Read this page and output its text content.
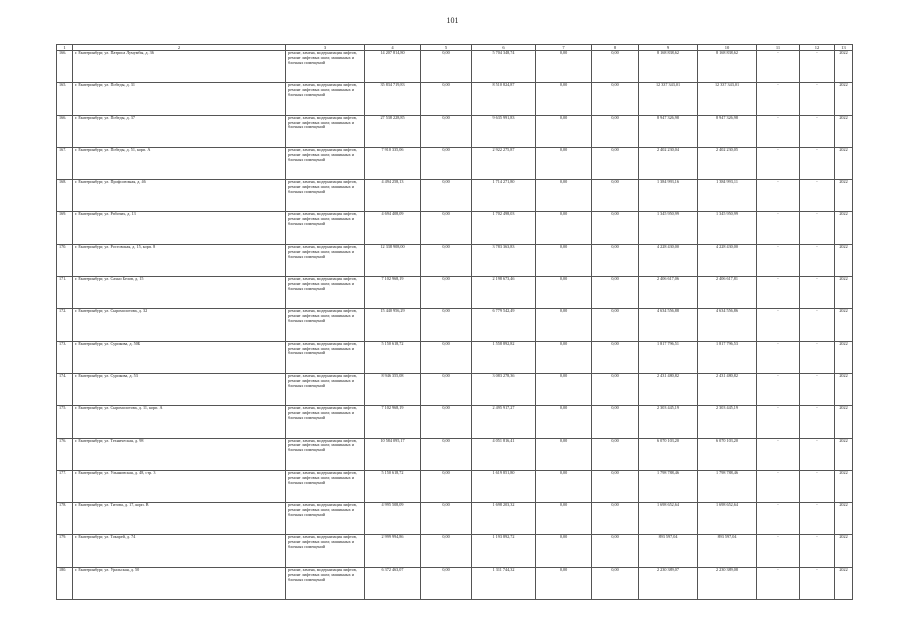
101
1	2	3	4	5	6	7	8	9	10	11	12	13
166.	г. Екатеринбург, ул. Патриса Лумумбы, д. 36	ремонт, замена, модернизация лифтов, ремонт лифтовых шахт, машинных и блочных помещений	14 207 814,80	0,00	5 704 348,74	0,00	0,00	8 168 838,62	8 168 838,62	-	-	2022
165.	г. Екатеринбург, ул. Победы, д. 31	ремонт, замена, модернизация лифтов, ремонт лифтовых шахт, машинных и блочных помещений	35 834 719,83	0,00	8 510 824,87	0,00	0,00	12 337 343,01	12 337 343,01	-	-	2022
166.	г. Екатеринбург, ул. Победы, д. 37	ремонт, замена, модернизация лифтов, ремонт лифтовых шахт, машинных и блочных помещений	27 538 228,85	0,00	9 635 991,83	0,00	0,00	8 947 326,98	8 947 326,98	-	-	2022
167.	г. Екатеринбург, ул. Победы, д. 51, корп. А	ремонт, замена, модернизация лифтов, ремонт лифтовых шахт, машинных и блочных помещений	7 910 335,06	0,00	2 922 275,87	0,00	0,00	2 402 230,04	2 402 230,05	-	-	2022
168.	г. Екатеринбург, ул. Профсоюзная, д. 46	ремонт, замена, модернизация лифтов, ремонт лифтовых шахт, машинных и блочных помещений	4 494 258,13	0,00	1 714 271,80	0,00	0,00	1 384 993,16	1 384 993,11	-	-	2022
169.	г. Екатеринбург, ул. Рабочих, д. 13	ремонт, замена, модернизация лифтов, ремонт лифтовых шахт, машинных и блочных помещений	4 694 408,09	0,00	1 702 498,03	0,00	0,00	1 345 950,99	1 345 950,99	-	-	2022
170.	г. Екатеринбург, ул. Ростовская, д. 15, корп. 8	ремонт, замена, модернизация лифтов, ремонт лифтовых шахт, машинных и блочных помещений	12 338 908,00	0,00	3 783 363,83	0,00	0,00	4 228 430,00	4 228 430,00	-	-	2022
171.	г. Екатеринбург, ул. Сахно Белов, д. 15	ремонт, замена, модернизация лифтов, ремонт лифтовых шахт, машинных и блочных помещений	7 102 968,19	0,00	2 198 673,46	0,00	0,00	2 406 617,06	2 406 617,81	-	-	2022
172.	г. Екатеринбург, ул. Сыромолотова, д. 32	ремонт, замена, модернизация лифтов, ремонт лифтовых шахт, машинных и блочных помещений	15 440 956,29	0,00	6 779 542,49	0,00	0,00	4 634 556,88	4 634 556,86	-	-	2022
173.	г. Екатеринбург, ул. Сурикова, д. 50Б	ремонт, замена, модернизация лифтов, ремонт лифтовых шахт, машинных и блочных помещений	5 150 618,72	0,00	1 558 892,82	0,00	0,00	1 817 796,51	1 817 796,53	-	-	2022
174.	г. Екатеринбург, ул. Сурикова, д. 53	ремонт, замена, модернизация лифтов, ремонт лифтовых шахт, машинных и блочных помещений	8 946 355,08	0,00	3 083 278,36	0,00	0,00	2 431 480,82	2 431 480,82	-	-	2022
175.	г. Екатеринбург, ул. Сыромолотова, д. 11, корп. А	ремонт, замена, модернизация лифтов, ремонт лифтовых шахт, машинных и блочных помещений	7 102 968,19	0,00	2 495 917,27	0,00	0,00	2 303 445,19	2 303 445,19	-	-	2022
176.	г. Екатеринбург, ул. Техническая, д. 98	ремонт, замена, модернизация лифтов, ремонт лифтовых шахт, машинных и блочных помещений	10 584 095,17	0,00	4 051 816,41	0,00	0,00	6 070 103,20	6 070 103,20	-	-	2022
177.	г. Екатеринбург, ул. Ульяновская, д. 48, стр. 3	ремонт, замена, модернизация лифтов, ремонт лифтовых шахт, машинных и блочных помещений	5 150 618,72	0,00	1 619 851,80	0,00	0,00	1 798 788,46	1 798 788,46	-	-	2022
178.	г. Екатеринбург, ул. Титова, д. 17, корп. В	ремонт, замена, модернизация лифтов, ремонт лифтовых шахт, машинных и блочных помещений	4 995 508,09	0,00	1 698 203,32	0,00	0,00	1 698 652,64	1 698 652,64	-	-	2022
179.	г. Екатеринбург, ул. Токарей, д. 74	ремонт, замена, модернизация лифтов, ремонт лифтовых шахт, машинных и блочных помещений	2 999 994,86	0,00	1 193 892,72	0,00	0,00	893 597,04	893 597,04	-	-	2022
180.	г. Екатеринбург, ул. Уральская, д. 50	ремонт, замена, модернизация лифтов, ремонт лифтовых шахт, машинных и блочных помещений	6 372 463,07	0,00	1 311 744,32	0,00	0,00	2 230 389,07	2 230 389,08	-	-	2022
